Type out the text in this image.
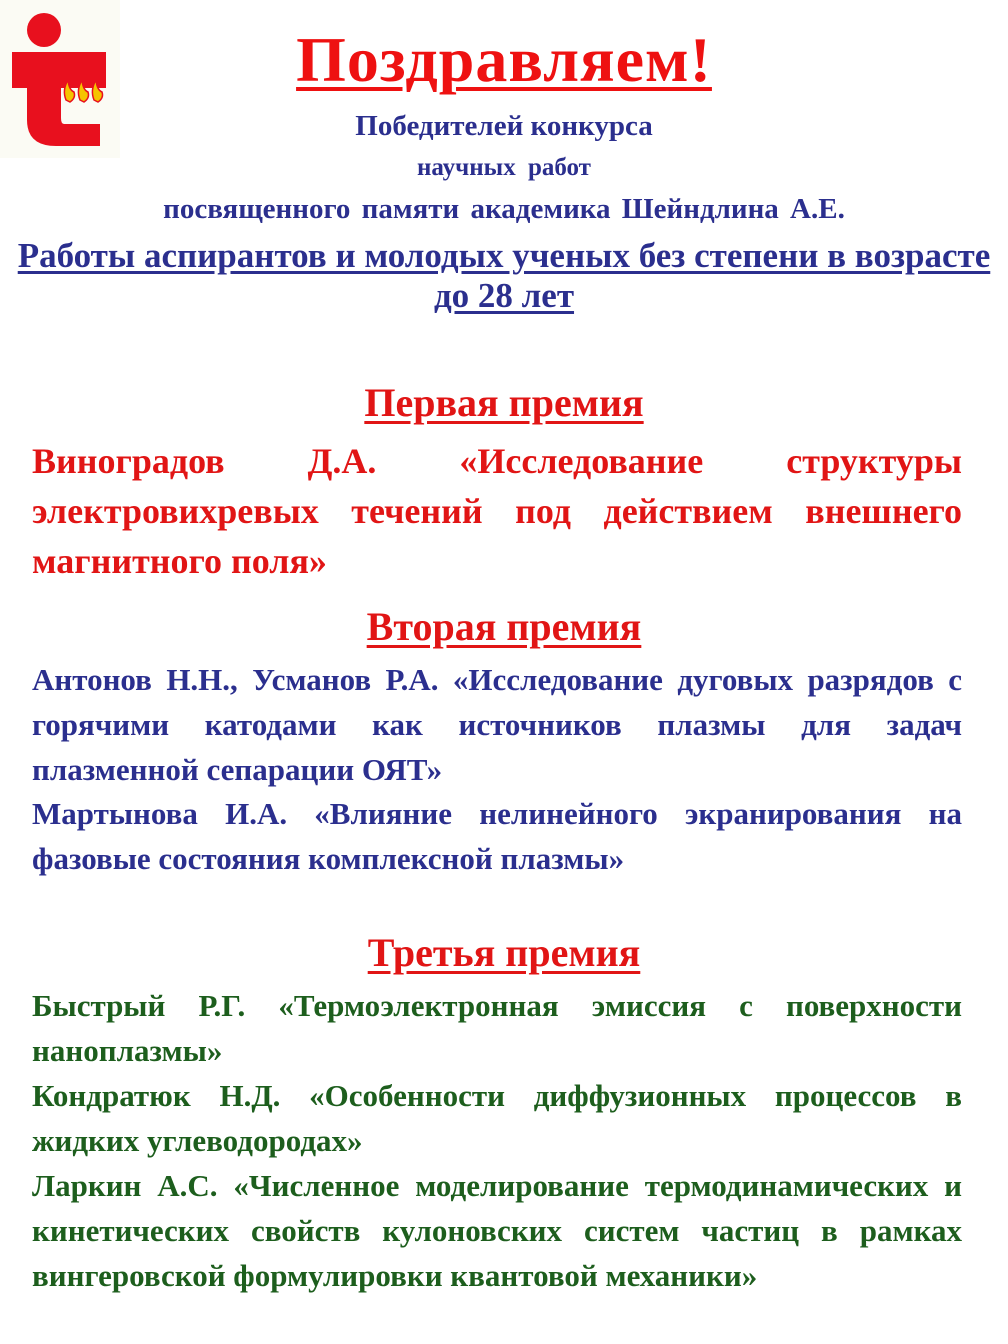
Поздравляем!
Победителей конкурса
научных работ
посвященного памяти академика Шейндлина А.Е.
Работы аспирантов и молодых ученых без степени в возрасте до 28 лет
Первая премия
Виноградов Д.А. «Исследование структуры электровихревых течений под действием внешнего магнитного поля»
Вторая премия
Антонов Н.Н., Усманов Р.А. «Исследование дуговых разрядов с горячими катодами как источников плазмы для задач плазменной сепарации ОЯТ»
Мартынова И.А. «Влияние нелинейного экранирования на фазовые состояния комплексной плазмы»
Третья премия
Быстрый Р.Г. «Термоэлектронная эмиссия с поверхности наноплазмы»
Кондратюк Н.Д. «Особенности диффузионных процессов в жидких углеводородах»
Ларкин А.С. «Численное моделирование термодинамических и кинетических свойств кулоновских систем частиц в рамках вингеровской формулировки квантовой механики»
